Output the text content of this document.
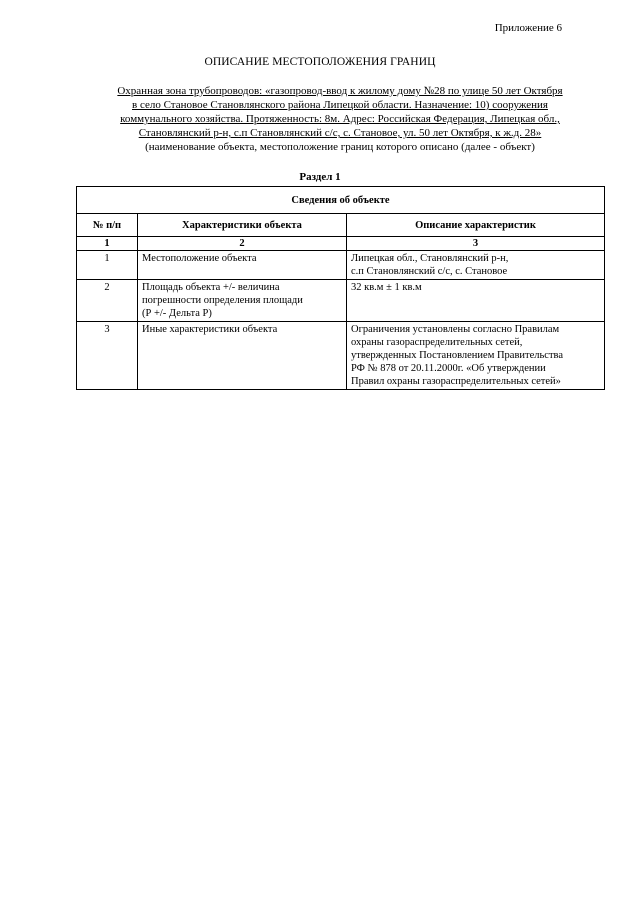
Приложение 6
ОПИСАНИЕ МЕСТОПОЛОЖЕНИЯ ГРАНИЦ
Охранная зона трубопроводов: «газопровод-ввод к жилому дому №28 по улице 50 лет Октября
в село Становое Становлянского района Липецкой области. Назначение: 10) сооружения
коммунального хозяйства. Протяженность: 8м. Адрес: Российская Федерация, Липецкая обл.,
Становлянский р-н, с.п Становлянский с/с, с. Становое, ул. 50 лет Октября, к ж.д. 28»
(наименование объекта, местоположение границ которого описано (далее - объект)
Раздел 1
Сведения об объекте		
№ п/п	Характеристики объекта	Описание характеристик
1	2	3
1	Местоположение объекта	Липецкая обл., Становлянский р-н,
с.п Становлянский с/с, с. Становое

2	Площадь объекта +/- величина
погрешности определения площади
(Р +/- Дельта Р)	32 кв.м ± 1 кв.м

3	Иные характеристики объекта	Ограничения установлены согласно Правилам
охраны газораспределительных сетей,
утвержденных Постановлением Правительства
РФ № 878 от 20.11.2000г. «Об утверждении
Правил охраны газораспределительных сетей»
